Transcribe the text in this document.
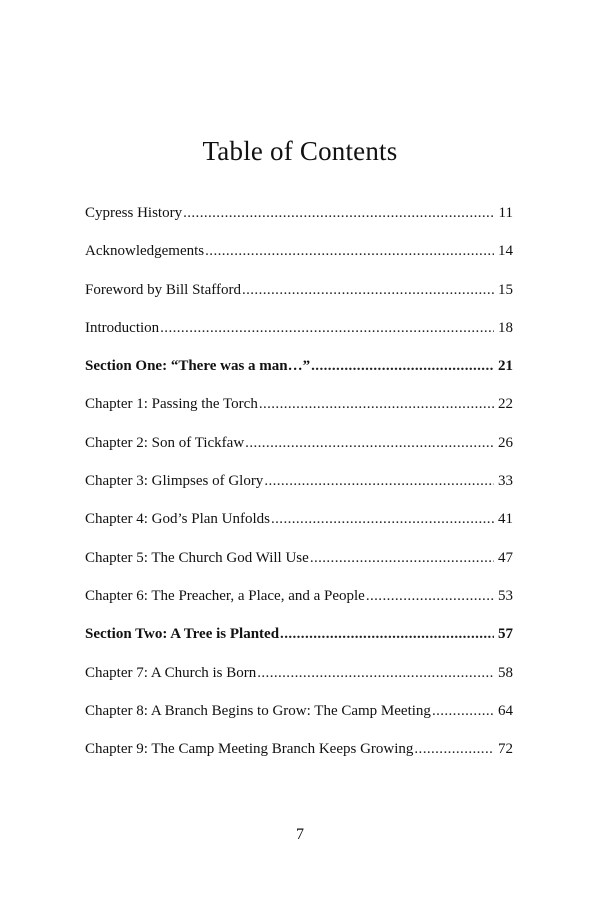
Table of Contents
Cypress History .....	11
Acknowledgements .....	14
Foreword by Bill Stafford .....	15
Introduction .....	18
Section One: “There was a man…” .....	21
Chapter 1: Passing the Torch .....	22
Chapter 2: Son of Tickfaw .....	26
Chapter 3: Glimpses of Glory .....	33
Chapter 4: God’s Plan Unfolds .....	41
Chapter 5: The Church God Will Use .....	47
Chapter 6: The Preacher, a Place, and a People .....	53
Section Two: A Tree is Planted .....	57
Chapter 7: A Church is Born .....	58
Chapter 8: A Branch Begins to Grow: The Camp Meeting .....	64
Chapter 9: The Camp Meeting Branch Keeps Growing .....	72
7
